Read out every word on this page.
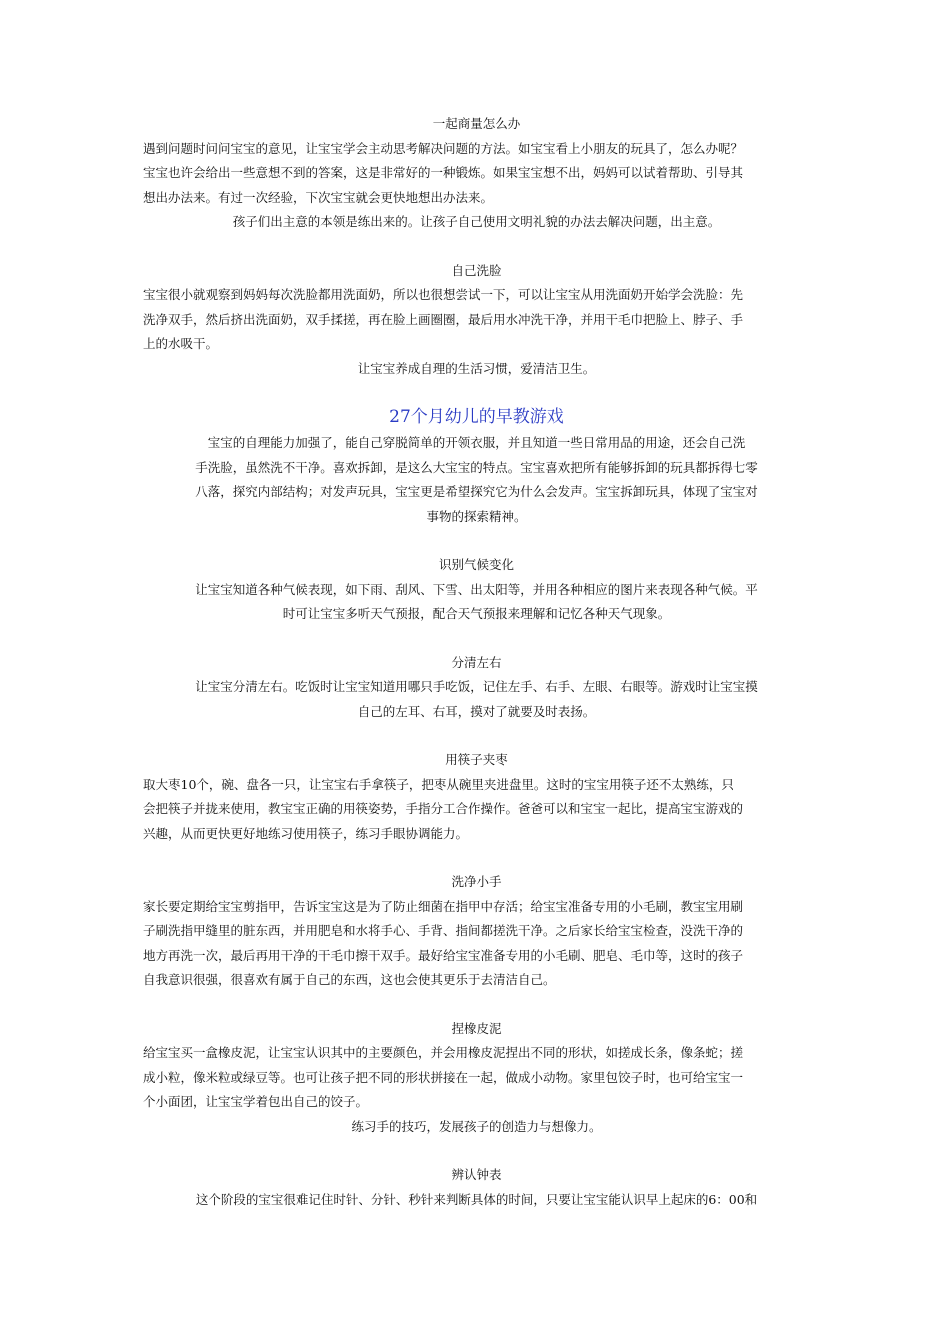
一起商量怎么办

遇到问题时问问宝宝的意见，让宝宝学会主动思考解决问题的方法。如宝宝看上小朋友的玩具了，怎么办呢？

宝宝也许会给出一些意想不到的答案，这是非常好的一种锻炼。如果宝宝想不出，妈妈可以试着帮助、引导其

想出办法来。有过一次经验，下次宝宝就会更快地想出办法来。

孩子们出主意的本领是练出来的。让孩子自己使用文明礼貌的办法去解决问题，出主意。

自己洗脸

宝宝很小就观察到妈妈每次洗脸都用洗面奶，所以也很想尝试一下，可以让宝宝从用洗面奶开始学会洗脸：先

洗净双手，然后挤出洗面奶，双手揉搓，再在脸上画圈圈，最后用水冲洗干净，并用干毛巾把脸上、脖子、手

上的水吸干。

让宝宝养成自理的生活习惯，爱清洁卫生。

27个月幼儿的早教游戏

宝宝的自理能力加强了，能自己穿脱简单的开领衣服，并且知道一些日常用品的用途，还会自己洗

手洗脸，虽然洗不干净。喜欢拆卸，是这么大宝宝的特点。宝宝喜欢把所有能够拆卸的玩具都拆得七零

八落，探究内部结构；对发声玩具，宝宝更是希望探究它为什么会发声。宝宝拆卸玩具，体现了宝宝对

事物的探索精神。

识别气候变化

让宝宝知道各种气候表现，如下雨、刮风、下雪、出太阳等，并用各种相应的图片来表现各种气候。平

时可让宝宝多听天气预报，配合天气预报来理解和记忆各种天气现象。

分清左右

让宝宝分清左右。吃饭时让宝宝知道用哪只手吃饭，记住左手、右手、左眼、右眼等。游戏时让宝宝摸

自己的左耳、右耳，摸对了就要及时表扬。

用筷子夹枣

取大枣10个，碗、盘各一只，让宝宝右手拿筷子，把枣从碗里夹进盘里。这时的宝宝用筷子还不太熟练，只

会把筷子并拢来使用，教宝宝正确的用筷姿势，手指分工合作操作。爸爸可以和宝宝一起比，提高宝宝游戏的

兴趣，从而更快更好地练习使用筷子，练习手眼协调能力。

洗净小手

家长要定期给宝宝剪指甲，告诉宝宝这是为了防止细菌在指甲中存活；给宝宝准备专用的小毛刷，教宝宝用刷

子刷洗指甲缝里的脏东西，并用肥皂和水将手心、手背、指间都搓洗干净。之后家长给宝宝检查，没洗干净的

地方再洗一次，最后再用干净的干毛巾擦干双手。最好给宝宝准备专用的小毛刷、肥皂、毛巾等，这时的孩子

自我意识很强，很喜欢有属于自己的东西，这也会使其更乐于去清洁自己。

捏橡皮泥

给宝宝买一盒橡皮泥，让宝宝认识其中的主要颜色，并会用橡皮泥捏出不同的形状，如搓成长条，像条蛇；搓

成小粒，像米粒或绿豆等。也可让孩子把不同的形状拼接在一起，做成小动物。家里包饺子时，也可给宝宝一

个小面团，让宝宝学着包出自己的饺子。

练习手的技巧，发展孩子的创造力与想像力。

辨认钟表

这个阶段的宝宝很难记住时针、分针、秒针来判断具体的时间，只要让宝宝能认识早上起床的6：00和
